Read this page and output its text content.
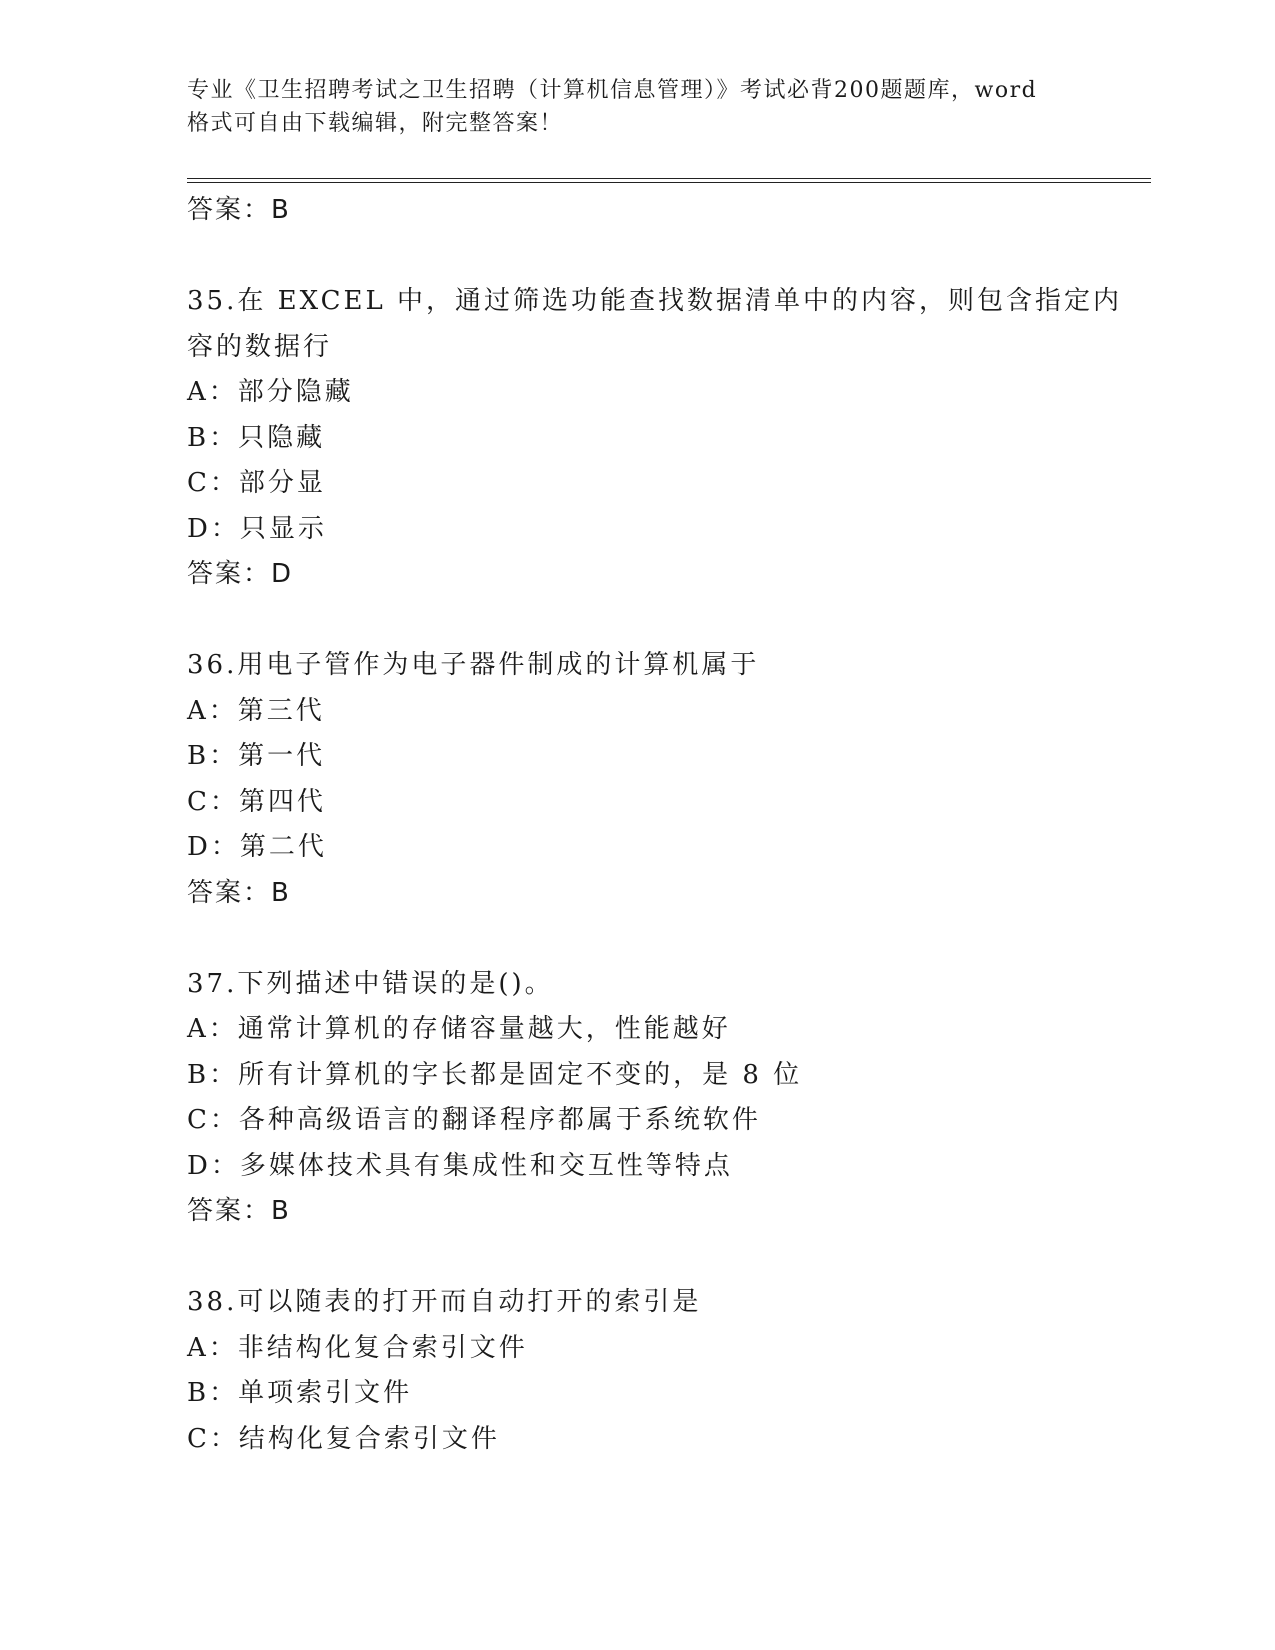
专业《卫生招聘考试之卫生招聘（计算机信息管理）》考试必背200题题库，word
格式可自由下载编辑，附完整答案！
答案：B
35.在 EXCEL 中，通过筛选功能查找数据清单中的内容，则包含指定内
容的数据行
A：部分隐藏
B：只隐藏
C：部分显
D：只显示
答案：D
36.用电子管作为电子器件制成的计算机属于
A：第三代
B：第一代
C：第四代
D：第二代
答案：B
37.下列描述中错误的是()。
A：通常计算机的存储容量越大，性能越好
B：所有计算机的字长都是固定不变的，是 8 位
C：各种高级语言的翻译程序都属于系统软件
D：多媒体技术具有集成性和交互性等特点
答案：B
38.可以随表的打开而自动打开的索引是
A：非结构化复合索引文件
B：单项索引文件
C：结构化复合索引文件
